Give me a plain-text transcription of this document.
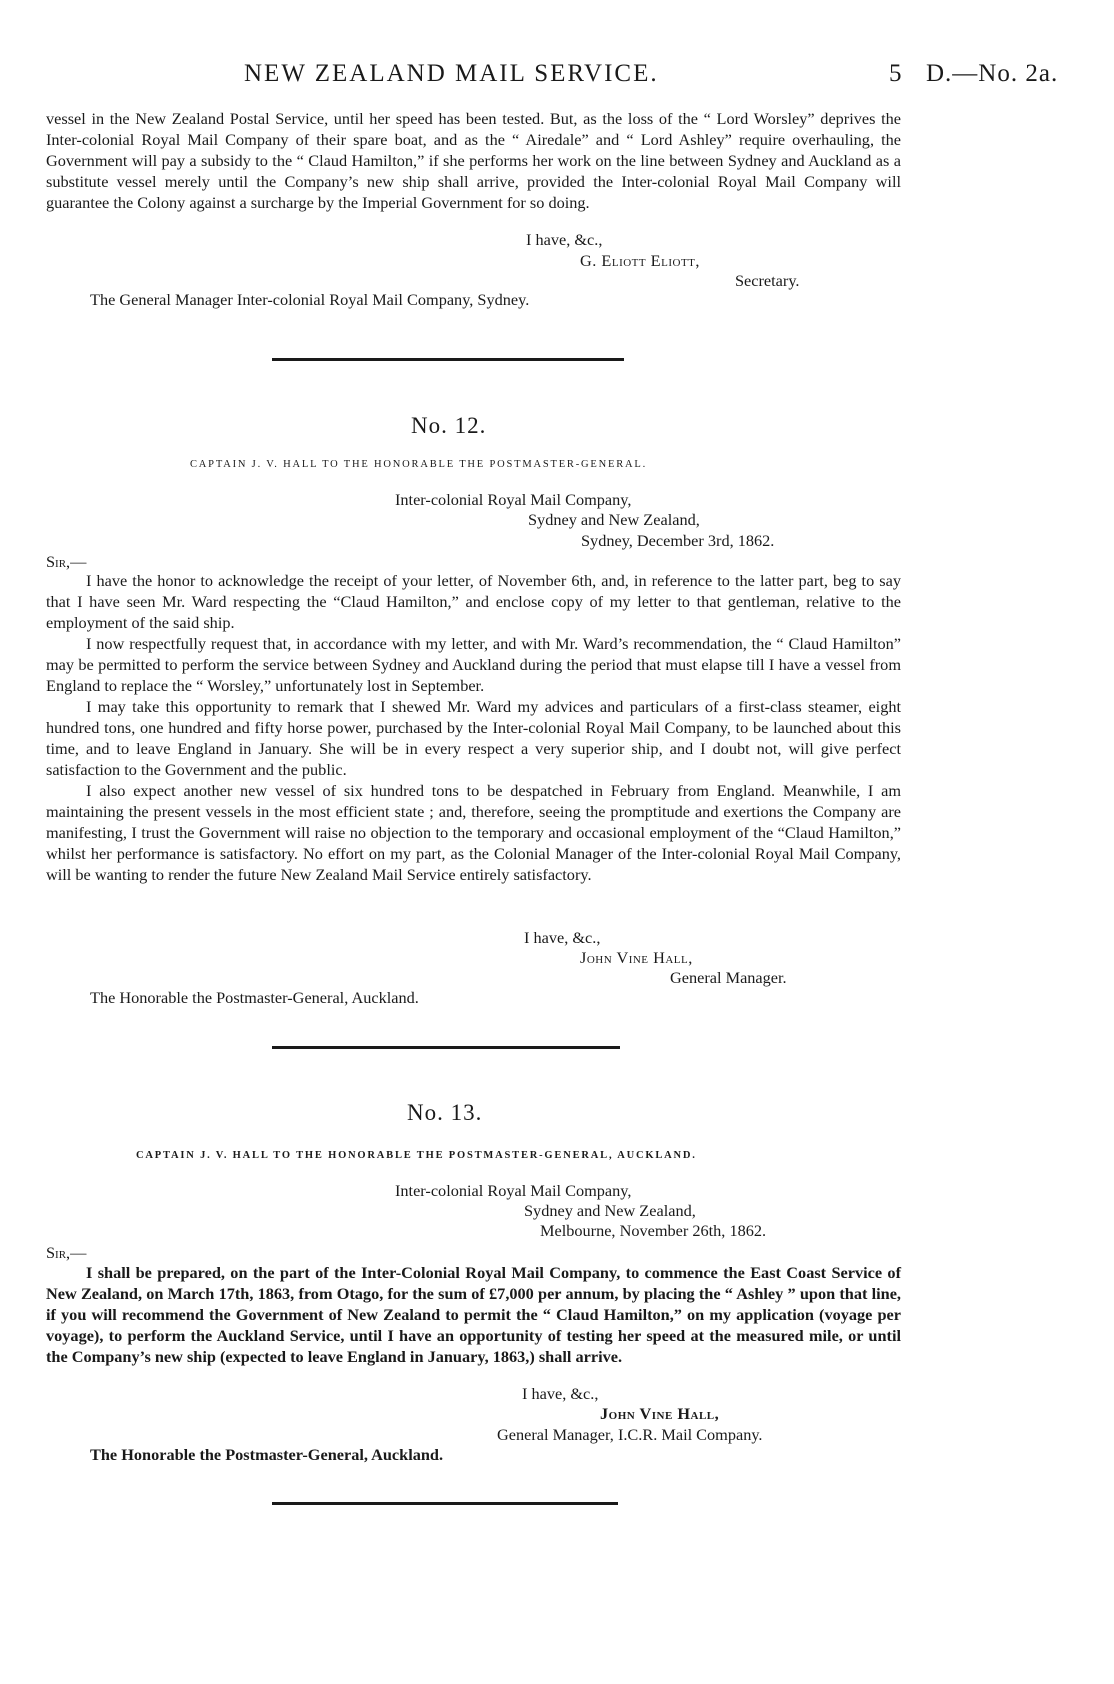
NEW ZEALAND MAIL SERVICE.	5 D.—No. 2a.

vessel in the New Zealand Postal Service, until her speed has been tested. But, as the loss of the “ Lord Worsley” deprives the Inter-colonial Royal Mail Company of their spare boat, and as the “ Airedale” and “ Lord Ashley” require overhauling, the Government will pay a subsidy to the “ Claud Hamilton,” if she performs her work on the line between Sydney and Auckland as a substitute vessel merely until the Company’s new ship shall arrive, provided the Inter-colonial Royal Mail Company will guarantee the Colony against a surcharge by the Imperial Government for so doing.

I have, &c.,
G. Eliott Eliott,
Secretary.
The General Manager Inter-colonial Royal Mail Company, Sydney.
No. 12.
CAPTAIN J. V. HALL TO THE HONORABLE THE POSTMASTER-GENERAL.
Inter-colonial Royal Mail Company,
Sydney and New Zealand,
Sydney, December 3rd, 1862.
Sir,—

I have the honor to acknowledge the receipt of your letter, of November 6th, and, in reference to the latter part, beg to say that I have seen Mr. Ward respecting the “Claud Hamilton,” and enclose copy of my letter to that gentleman, relative to the employment of the said ship.

I now respectfully request that, in accordance with my letter, and with Mr. Ward’s recommendation, the “ Claud Hamilton” may be permitted to perform the service between Sydney and Auckland during the period that must elapse till I have a vessel from England to replace the “ Worsley,” unfortunately lost in September.

I may take this opportunity to remark that I shewed Mr. Ward my advices and particulars of a first-class steamer, eight hundred tons, one hundred and fifty horse power, purchased by the Inter-colonial Royal Mail Company, to be launched about this time, and to leave England in January. She will be in every respect a very superior ship, and I doubt not, will give perfect satisfaction to the Government and the public.

I also expect another new vessel of six hundred tons to be despatched in February from England. Meanwhile, I am maintaining the present vessels in the most efficient state ; and, therefore, seeing the promptitude and exertions the Company are manifesting, I trust the Government will raise no objection to the temporary and occasional employment of the “Claud Hamilton,” whilst her performance is satisfactory. No effort on my part, as the Colonial Manager of the Inter-colonial Royal Mail Company, will be wanting to render the future New Zealand Mail Service entirely satisfactory.

I have, &c.,
John Vine Hall,
General Manager.
The Honorable the Postmaster-General, Auckland.
No. 13.
CAPTAIN J. V. HALL TO THE HONORABLE THE POSTMASTER-GENERAL, AUCKLAND.
Inter-colonial Royal Mail Company,
Sydney and New Zealand,
Melbourne, November 26th, 1862.
Sir,—

I shall be prepared, on the part of the Inter-Colonial Royal Mail Company, to commence the East Coast Service of New Zealand, on March 17th, 1863, from Otago, for the sum of £7,000 per annum, by placing the “ Ashley ” upon that line, if you will recommend the Government of New Zealand to permit the “ Claud Hamilton,” on my application (voyage per voyage), to perform the Auckland Service, until I have an opportunity of testing her speed at the measured mile, or until the Company’s new ship (expected to leave England in January, 1863,) shall arrive.

I have, &c.,
John Vine Hall,
General Manager, I.C.R. Mail Company.
The Honorable the Postmaster-General, Auckland.
